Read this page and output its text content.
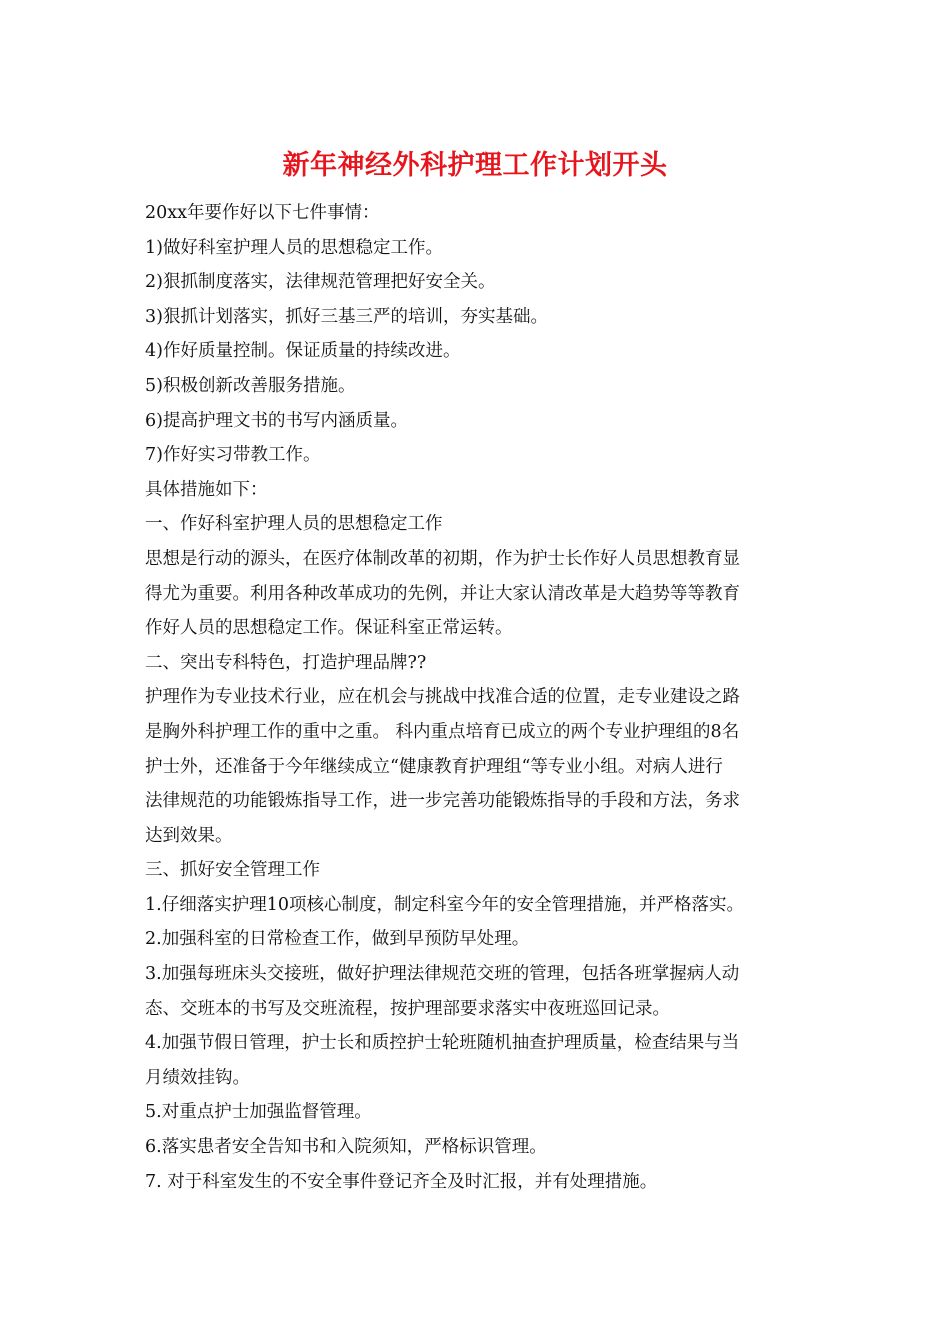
新年神经外科护理工作计划开头

20xx年要作好以下七件事情：

1)做好科室护理人员的思想稳定工作。

2)狠抓制度落实，法律规范管理把好安全关。

3)狠抓计划落实，抓好三基三严的培训，夯实基础。

4)作好质量控制。保证质量的持续改进。

5)积极创新改善服务措施。

6)提高护理文书的书写内涵质量。

7)作好实习带教工作。

具体措施如下：

一、作好科室护理人员的思想稳定工作

思想是行动的源头，在医疗体制改革的初期，作为护士长作好人员思想教育显

得尤为重要。利用各种改革成功的先例，并让大家认清改革是大趋势等等教育

作好人员的思想稳定工作。保证科室正常运转。

二、突出专科特色，打造护理品牌??

护理作为专业技术行业，应在机会与挑战中找准合适的位置，走专业建设之路

是胸外科护理工作的重中之重。 科内重点培育已成立的两个专业护理组的8名

护士外，还准备于今年继续成立“健康教育护理组“等专业小组。对病人进行

法律规范的功能锻炼指导工作，进一步完善功能锻炼指导的手段和方法，务求

达到效果。

三、抓好安全管理工作

1.仔细落实护理10项核心制度，制定科室今年的安全管理措施，并严格落实。

2.加强科室的日常检查工作，做到早预防早处理。

3.加强每班床头交接班，做好护理法律规范交班的管理，包括各班掌握病人动

态、交班本的书写及交班流程，按护理部要求落实中夜班巡回记录。

4.加强节假日管理，护士长和质控护士轮班随机抽查护理质量，检查结果与当

月绩效挂钩。

5.对重点护士加强监督管理。

6.落实患者安全告知书和入院须知，严格标识管理。

7. 对于科室发生的不安全事件登记齐全及时汇报，并有处理措施。
